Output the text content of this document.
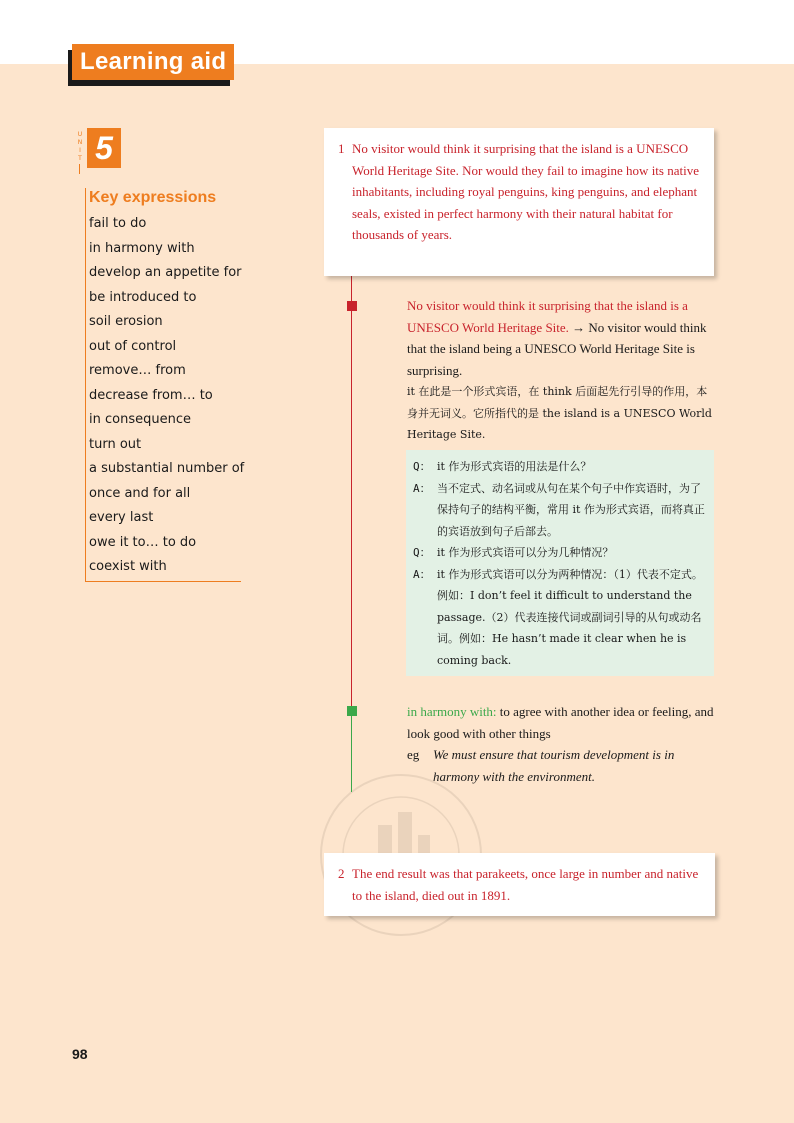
Learning aid
U
N
I
T 5
Key expressions
fail to do
in harmony with
develop an appetite for
be introduced to
soil erosion
out of control
remove… from
decrease from… to
in consequence
turn out
a substantial number of
once and for all
every last
owe it to… to do
coexist with
1 No visitor would think it surprising that the island is a UNESCO World Heritage Site. Nor would they fail to imagine how its native inhabitants, including royal penguins, king penguins, and elephant seals, existed in perfect harmony with their natural habitat for thousands of years.
No visitor would think it surprising that the island is a UNESCO World Heritage Site. → No visitor would think that the island being a UNESCO World Heritage Site is surprising.
it 在此是一个形式宾语，在 think 后面起先行引导的作用，本身并无词义。它所指代的是 the island is a UNESCO World Heritage Site.
Q： it 作为形式宾语的用法是什么？
A： 当不定式、动名词或从句在某个句子中作宾语时，为了保持句子的结构平衡，常用 it 作为形式宾语，而将真正的宾语放到句子后部去。
Q： it 作为形式宾语可以分为几种情况？
A： it 作为形式宾语可以分为两种情况：（1）代表不定式。例如：I don’t feel it difficult to understand the passage.（2）代表连接代词或副词引导的从句或动名词。例如：He hasn’t made it clear when he is coming back.
in harmony with: to agree with another idea or feeling, and look good with other things
eg We must ensure that tourism development is in harmony with the environment.
2 The end result was that parakeets, once large in number and native to the island, died out in 1891.
98
